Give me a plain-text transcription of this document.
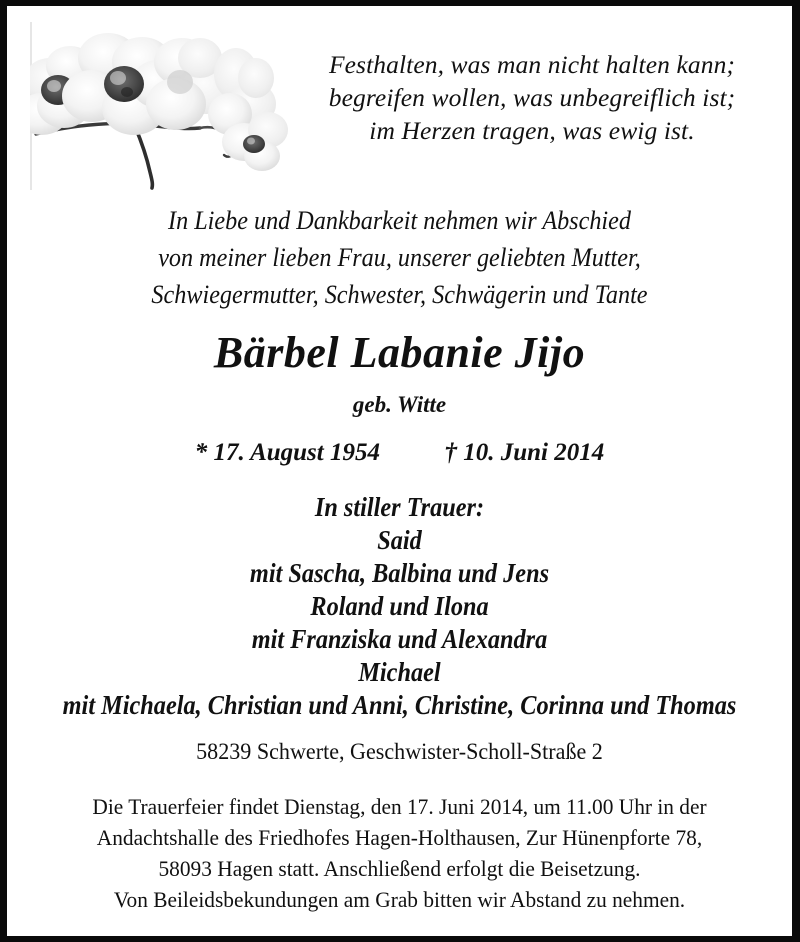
Festhalten, was man nicht halten kann;
begreifen wollen, was unbegreiflich ist;
im Herzen tragen, was ewig ist.
In Liebe und Dankbarkeit nehmen wir Abschied
von meiner lieben Frau, unserer geliebten Mutter,
Schwiegermutter, Schwester, Schwägerin und Tante
Bärbel Labanie Jijo
geb. Witte
* 17. August 1954	† 10. Juni 2014
In stiller Trauer:
Said
mit Sascha, Balbina und Jens
Roland und Ilona
mit Franziska und Alexandra
Michael
mit Michaela, Christian und Anni, Christine, Corinna und Thomas
58239 Schwerte, Geschwister-Scholl-Straße 2
Die Trauerfeier findet Dienstag, den 17. Juni 2014, um 11.00 Uhr in der
Andachtshalle des Friedhofes Hagen-Holthausen, Zur Hünenpforte 78,
58093 Hagen statt. Anschließend erfolgt die Beisetzung.
Von Beileidsbekundungen am Grab bitten wir Abstand zu nehmen.
